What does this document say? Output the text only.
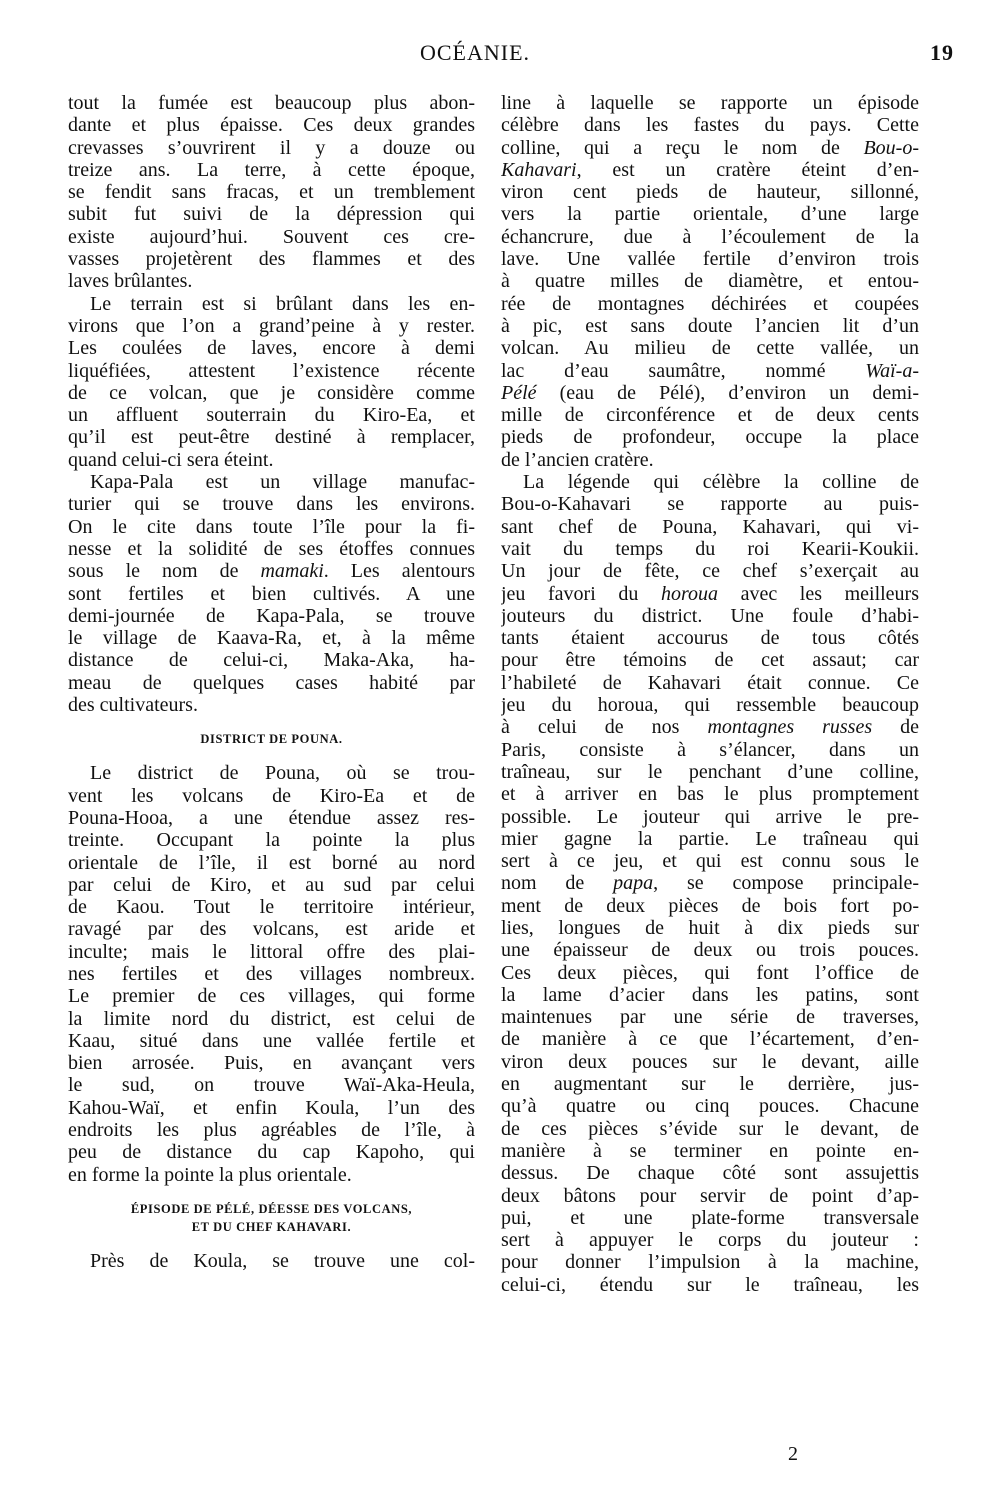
OCÉANIE.	19
tout la fumée est beaucoup plus abon-
dante et plus épaisse. Ces deux grandes
crevasses s’ouvrirent il y a douze ou
treize ans. La terre, à cette époque,
se fendit sans fracas, et un tremblement
subit fut suivi de la dépression qui
existe aujourd’hui. Souvent ces cre-
vasses projetèrent des flammes et des
laves brûlantes.
Le terrain est si brûlant dans les en-
virons que l’on a grand’peine à y rester.
Les coulées de laves, encore à demi
liquéfiées, attestent l’existence récente
de ce volcan, que je considère comme
un affluent souterrain du Kiro-Ea, et
qu’il est peut-être destiné à remplacer,
quand celui-ci sera éteint.
Kapa-Pala est un village manufac-
turier qui se trouve dans les environs.
On le cite dans toute l’île pour la fi-
nesse et la solidité de ses étoffes connues
sous le nom de mamaki. Les alentours
sont fertiles et bien cultivés. A une
demi-journée de Kapa-Pala, se trouve
le village de Kaava-Ra, et, à la même
distance de celui-ci, Maka-Aka, ha-
meau de quelques cases habité par
des cultivateurs.
DISTRICT DE POUNA.
Le district de Pouna, où se trou-
vent les volcans de Kiro-Ea et de
Pouna-Hooa, a une étendue assez res-
treinte. Occupant la pointe la plus
orientale de l’île, il est borné au nord
par celui de Kiro, et au sud par celui
de Kaou. Tout le territoire intérieur,
ravagé par des volcans, est aride et
inculte; mais le littoral offre des plai-
nes fertiles et des villages nombreux.
Le premier de ces villages, qui forme
la limite nord du district, est celui de
Kaau, situé dans une vallée fertile et
bien arrosée. Puis, en avançant vers
le sud, on trouve Waï-Aka-Heula,
Kahou-Waï, et enfin Koula, l’un des
endroits les plus agréables de l’île, à
peu de distance du cap Kapoho, qui
en forme la pointe la plus orientale.
ÉPISODE DE PÉLÉ, DÉESSE DES VOLCANS,
ET DU CHEF KAHAVARI.
Près de Koula, se trouve une col-
line à laquelle se rapporte un épisode
célèbre dans les fastes du pays. Cette
colline, qui a reçu le nom de Bou-o-
Kahavari, est un cratère éteint d’en-
viron cent pieds de hauteur, sillonné,
vers la partie orientale, d’une large
échancrure, due à l’écoulement de la
lave. Une vallée fertile d’environ trois
à quatre milles de diamètre, et entou-
rée de montagnes déchirées et coupées
à pic, est sans doute l’ancien lit d’un
volcan. Au milieu de cette vallée, un
lac d’eau saumâtre, nommé Waï-a-
Pélé (eau de Pélé), d’environ un demi-
mille de circonférence et de deux cents
pieds de profondeur, occupe la place
de l’ancien cratère.
La légende qui célèbre la colline de
Bou-o-Kahavari se rapporte au puis-
sant chef de Pouna, Kahavari, qui vi-
vait du temps du roi Kearii-Koukii.
Un jour de fête, ce chef s’exerçait au
jeu favori du horoua avec les meilleurs
jouteurs du district. Une foule d’habi-
tants étaient accourus de tous côtés
pour être témoins de cet assaut; car
l’habileté de Kahavari était connue. Ce
jeu du horoua, qui ressemble beaucoup
à celui de nos montagnes russes de
Paris, consiste à s’élancer, dans un
traîneau, sur le penchant d’une colline,
et à arriver en bas le plus promptement
possible. Le jouteur qui arrive le pre-
mier gagne la partie. Le traîneau qui
sert à ce jeu, et qui est connu sous le
nom de papa, se compose principale-
ment de deux pièces de bois fort po-
lies, longues de huit à dix pieds sur
une épaisseur de deux ou trois pouces.
Ces deux pièces, qui font l’office de
la lame d’acier dans les patins, sont
maintenues par une série de traverses,
de manière à ce que l’écartement, d’en-
viron deux pouces sur le devant, aille
en augmentant sur le derrière, jus-
qu’à quatre ou cinq pouces. Chacune
de ces pièces s’évide sur le devant, de
manière à se terminer en pointe en-
dessus. De chaque côté sont assujettis
deux bâtons pour servir de point d’ap-
pui, et une plate-forme transversale
sert à appuyer le corps du jouteur :
pour donner l’impulsion à la machine,
celui-ci, étendu sur le traîneau, les
2
